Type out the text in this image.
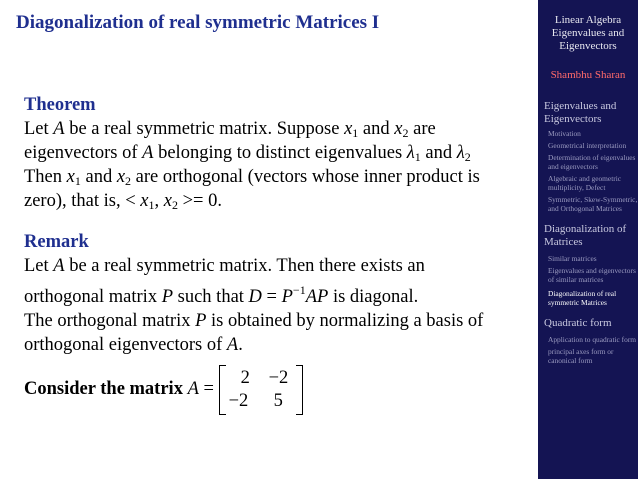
Diagonalization of real symmetric Matrices I
Theorem
Let A be a real symmetric matrix. Suppose $x_1$ and $x_2$ are
eigenvectors of A belonging to distinct eigenvalues $\lambda_1$ and $\lambda_2$
Then $x_1$ and $x_2$ are orthogonal (vectors whose inner product is
zero), that is, < $x_1$, $x_2 >= 0$.
Remark
Let A be a real symmetric matrix. Then there exists an
orthogonal matrix P such that $D = P^{-1}AP$ is diagonal.
The orthogonal matrix P is obtained by normalizing a basis of
orthogonal eigenvectors of A.
Consider the matrix A =
2 −2
−2 5
Linear Algebra
Eigenvalues and
Eigenvectors
Shambhu Sharan
Eigenvalues and Eigenvectors
Motivation
Geometrical interpretation
Determination of eigenvalues and eigenvectors
Algebraic and geometric multiplicity, Defect
Symmetric, Skew-Symmetric, and Orthogonal Matrices
Diagonalization of Matrices
Similar matrices
Eigenvalues and eigenvectors of similar matrices
Diagonalization of real symmetric Matrices
Quadratic form
Application to quadratic form
principal axes form or canonical form
